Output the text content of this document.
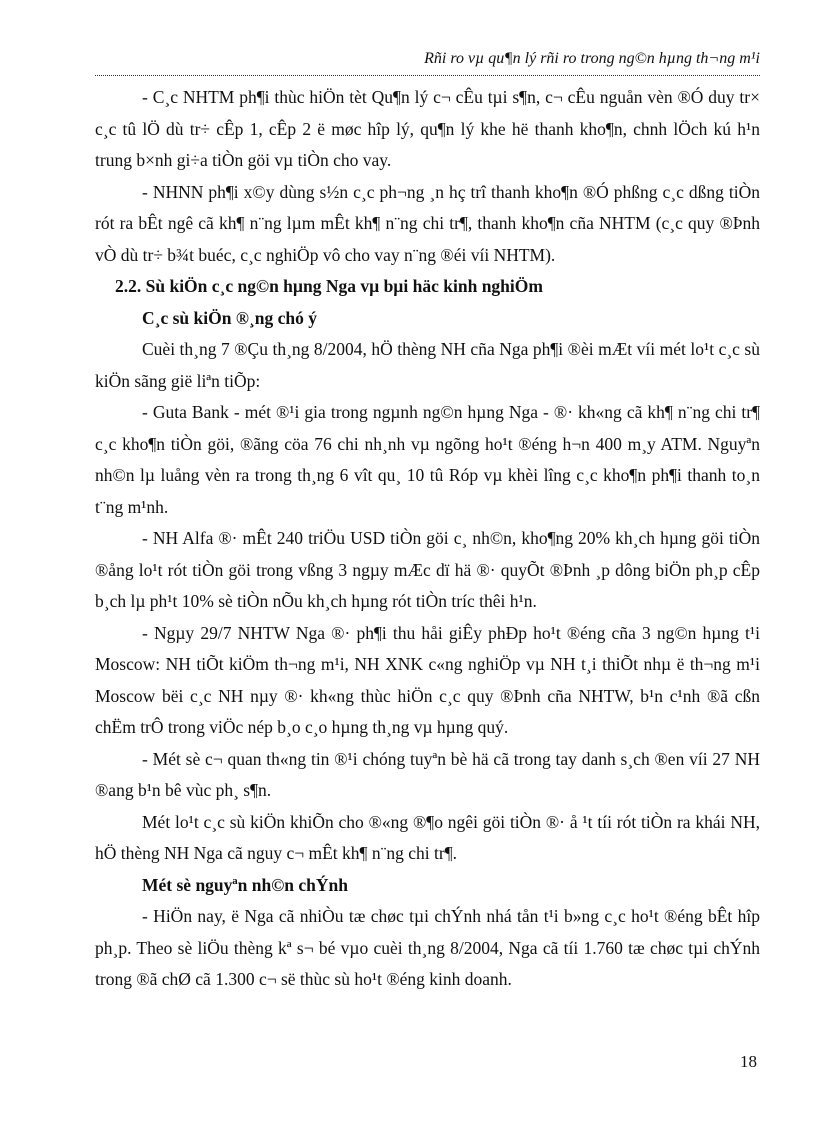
Rñi ro vµ qu¶n lý rñi ro trong ng©n hµng th¬ng m¹i

- C¸c NHTM ph¶i thùc hiÖn tèt Qu¶n lý c¬ cÊu tµi s¶n, c¬ cÊu nguån vèn ®Ó duy tr× c¸c tû lÖ dù tr÷ cÊp 1, cÊp 2 ë møc hîp lý, qu¶n lý khe hë thanh kho¶n, chnh lÖch kú h¹n trung b×nh gi÷a tiÒn göi vµ tiÒn cho vay.

- NHNN ph¶i x©y dùng s½n c¸c ph¬ng ¸n hç trî thanh kho¶n ®Ó phßng c¸c dßng tiÒn rót ra bÊt ngê cã kh¶ n¨ng lµm mÊt kh¶ n¨ng chi tr¶, thanh kho¶n cña NHTM (c¸c quy ®Þnh vÒ dù tr÷ b¾t buéc, c¸c nghiÖp vô cho vay n¨ng ®éi víi NHTM).

2.2. Sù kiÖn c¸c ng©n hµng Nga vµ bµi häc kinh nghiÖm

C¸c sù kiÖn ®¸ng chó ý

Cuèi th¸ng 7 ®Çu th¸ng 8/2004, hÖ thèng NH cña Nga ph¶i ®èi mÆt víi mét lo¹t c¸c sù kiÖn sãng gië liªn tiÕp:

- Guta Bank - mét ®¹i gia trong ngµnh ng©n hµng Nga - ®· kh«ng cã kh¶ n¨ng chi tr¶ c¸c kho¶n tiÒn göi, ®ãng cöa 76 chi nh¸nh vµ ngõng ho¹t ®éng h¬n 400 m¸y ATM. Nguyªn nh©n lµ luång vèn ra trong th¸ng 6 vît qu¸ 10 tû Róp vµ khèi lîng c¸c kho¶n ph¶i thanh to¸n t¨ng m¹nh.

- NH Alfa ®· mÊt 240 triÖu USD tiÒn göi c¸ nh©n, kho¶ng 20% kh¸ch hµng göi tiÒn ®ång lo¹t rót tiÒn göi trong vßng 3 ngµy mÆc dï hä ®· quyÕt ®Þnh ¸p dông biÖn ph¸p cÊp b¸ch lµ ph¹t 10% sè tiÒn nÕu kh¸ch hµng rót tiÒn tríc thêi h¹n.

- Ngµy 29/7 NHTW Nga ®· ph¶i thu håi giÊy phÐp ho¹t ®éng cña 3 ng©n hµng t¹i Moscow: NH tiÕt kiÖm th¬ng m¹i, NH XNK c«ng nghiÖp vµ NH t¸i thiÕt nhµ ë th¬ng m¹i Moscow bëi c¸c NH nµy ®· kh«ng thùc hiÖn c¸c quy ®Þnh cña NHTW, b¹n c¹nh ®ã cßn chËm trÔ trong viÖc nép b¸o c¸o hµng th¸ng vµ hµng quý.

- Mét sè c¬ quan th«ng tin ®¹i chóng tuyªn bè hä cã trong tay danh s¸ch ®en víi 27 NH ®ang b¹n bê vùc ph¸ s¶n.

Mét lo¹t c¸c sù kiÖn khiÕn cho ®«ng ®¶o ngêi göi tiÒn ®· å ¹t tíi rót tiÒn ra khái NH, hÖ thèng NH Nga cã nguy c¬ mÊt kh¶ n¨ng chi tr¶.

Mét sè nguyªn nh©n chÝnh

- HiÖn nay, ë Nga cã nhiÒu tæ chøc tµi chÝnh nhá tån t¹i b»ng c¸c ho¹t ®éng bÊt hîp ph¸p. Theo sè liÖu thèng kª s¬ bé vµo cuèi th¸ng 8/2004, Nga cã tíi 1.760 tæ chøc tµi chÝnh trong ®ã chØ cã 1.300 c¬ së thùc sù ho¹t ®éng kinh doanh.

18
